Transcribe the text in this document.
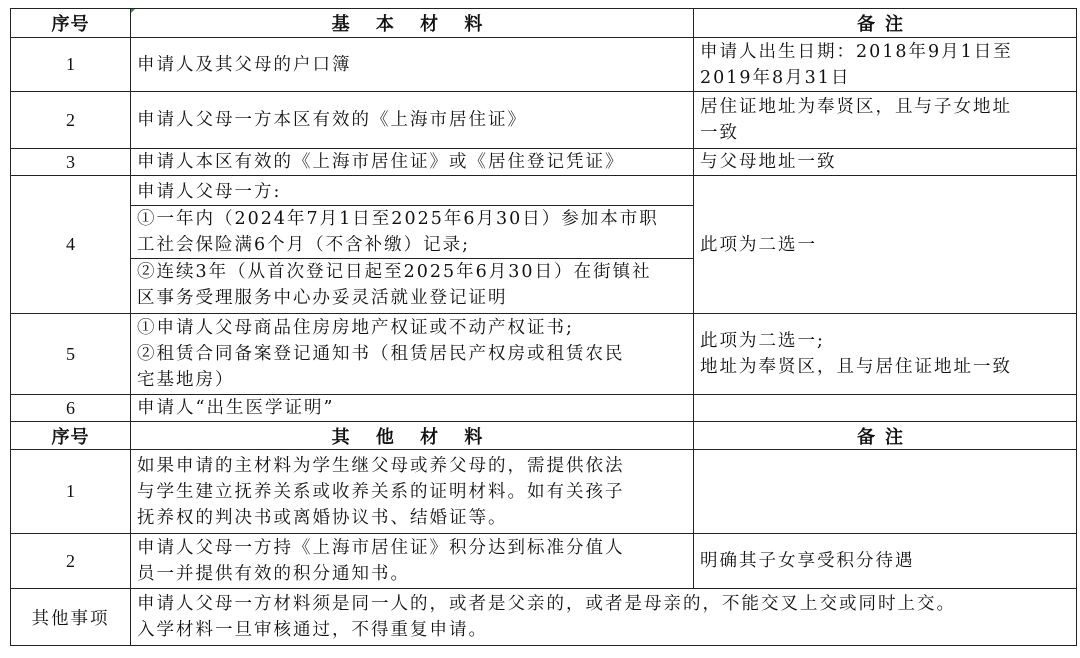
序号	基 本 材 料	备注
1	申请人及其父母的户口簿	申请人出生日期：2018年9月1日至
2019年8月31日

2	申请人父母一方本区有效的《上海市居住证》	居住证地址为奉贤区，且与子女地址
一致

3	申请人本区有效的《上海市居住证》或《居住登记凭证》	与父母地址一致

4	申请人父母一方:
①一年内（2024年7月1日至2025年6月30日）参加本市职
工社会保险满6个月（不含补缴）记录;
②连续3年（从首次登记日起至2025年6月30日）在街镇社
区事务受理服务中心办妥灵活就业登记证明	此项为二选一

5	①申请人父母商品住房房地产权证或不动产权证书;
②租赁合同备案登记通知书（租赁居民产权房或租赁农民
宅基地房）	此项为二选一;
地址为奉贤区，且与居住证地址一致

6	申请人“出生医学证明”	

序号	其 他 材 料	备注
1	如果申请的主材料为学生继父母或养父母的，需提供依法
与学生建立抚养关系或收养关系的证明材料。如有关孩子
抚养权的判决书或离婚协议书、结婚证等。	

2	申请人父母一方持《上海市居住证》积分达到标准分值人
员一并提供有效的积分通知书。	明确其子女享受积分待遇

其他事项	申请人父母一方材料须是同一人的，或者是父亲的，或者是母亲的，不能交叉上交或同时上交。
入学材料一旦审核通过，不得重复申请。	
